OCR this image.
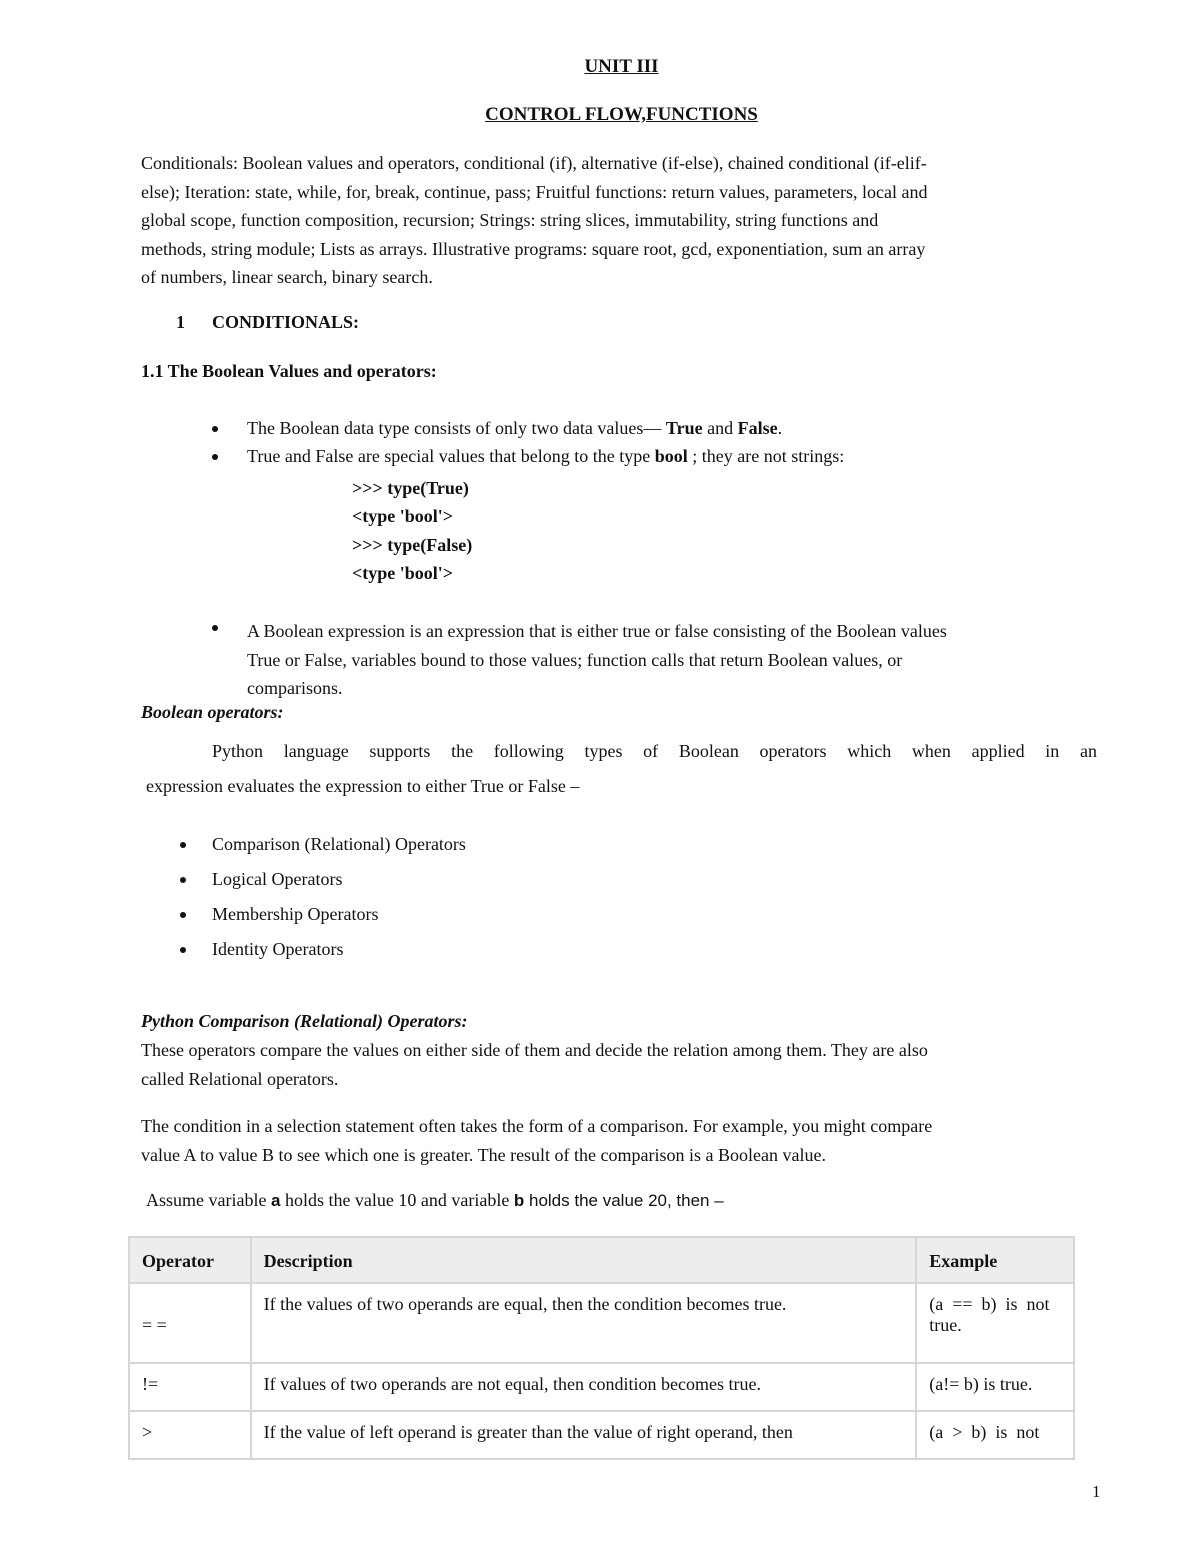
UNIT III
CONTROL FLOW,FUNCTIONS
Conditionals: Boolean values and operators, conditional (if), alternative (if-else), chained conditional (if-elif-
else); Iteration: state, while, for, break, continue, pass; Fruitful functions: return values, parameters, local and
global scope, function composition, recursion; Strings: string slices, immutability, string functions and
methods, string module; Lists as arrays. Illustrative programs: square root, gcd, exponentiation, sum an array
of numbers, linear search, binary search.
1 CONDITIONALS:
1.1 The Boolean Values and operators:
The Boolean data type consists of only two data values— True and False.
True and False are special values that belong to the type bool ; they are not strings:
>>> type(True)
<type 'bool'>
>>> type(False)
<type 'bool'>
A Boolean expression is an expression that is either true or false consisting of the Boolean values
True or False, variables bound to those values; function calls that return Boolean values, or
comparisons.
Boolean operators:
Python language supports the following types of Boolean operators which when applied in an
expression evaluates the expression to either True or False –
Comparison (Relational) Operators
Logical Operators
Membership Operators
Identity Operators
Python Comparison (Relational) Operators:
These operators compare the values on either side of them and decide the relation among them. They are also
called Relational operators.
The condition in a selection statement often takes the form of a comparison. For example, you might compare
value A to value B to see which one is greater. The result of the comparison is a Boolean value.
Assume variable a holds the value 10 and variable b holds the value 20, then –
Operator	Description	Example
= =	If the values of two operands are equal, then the condition becomes true.	(a  ==  b)  is  not
true.

!=	If values of two operands are not equal, then condition becomes true.	(a!= b) is true.

>	If the value of left operand is greater than the value of right operand, then	(a  >  b)  is  not
1
